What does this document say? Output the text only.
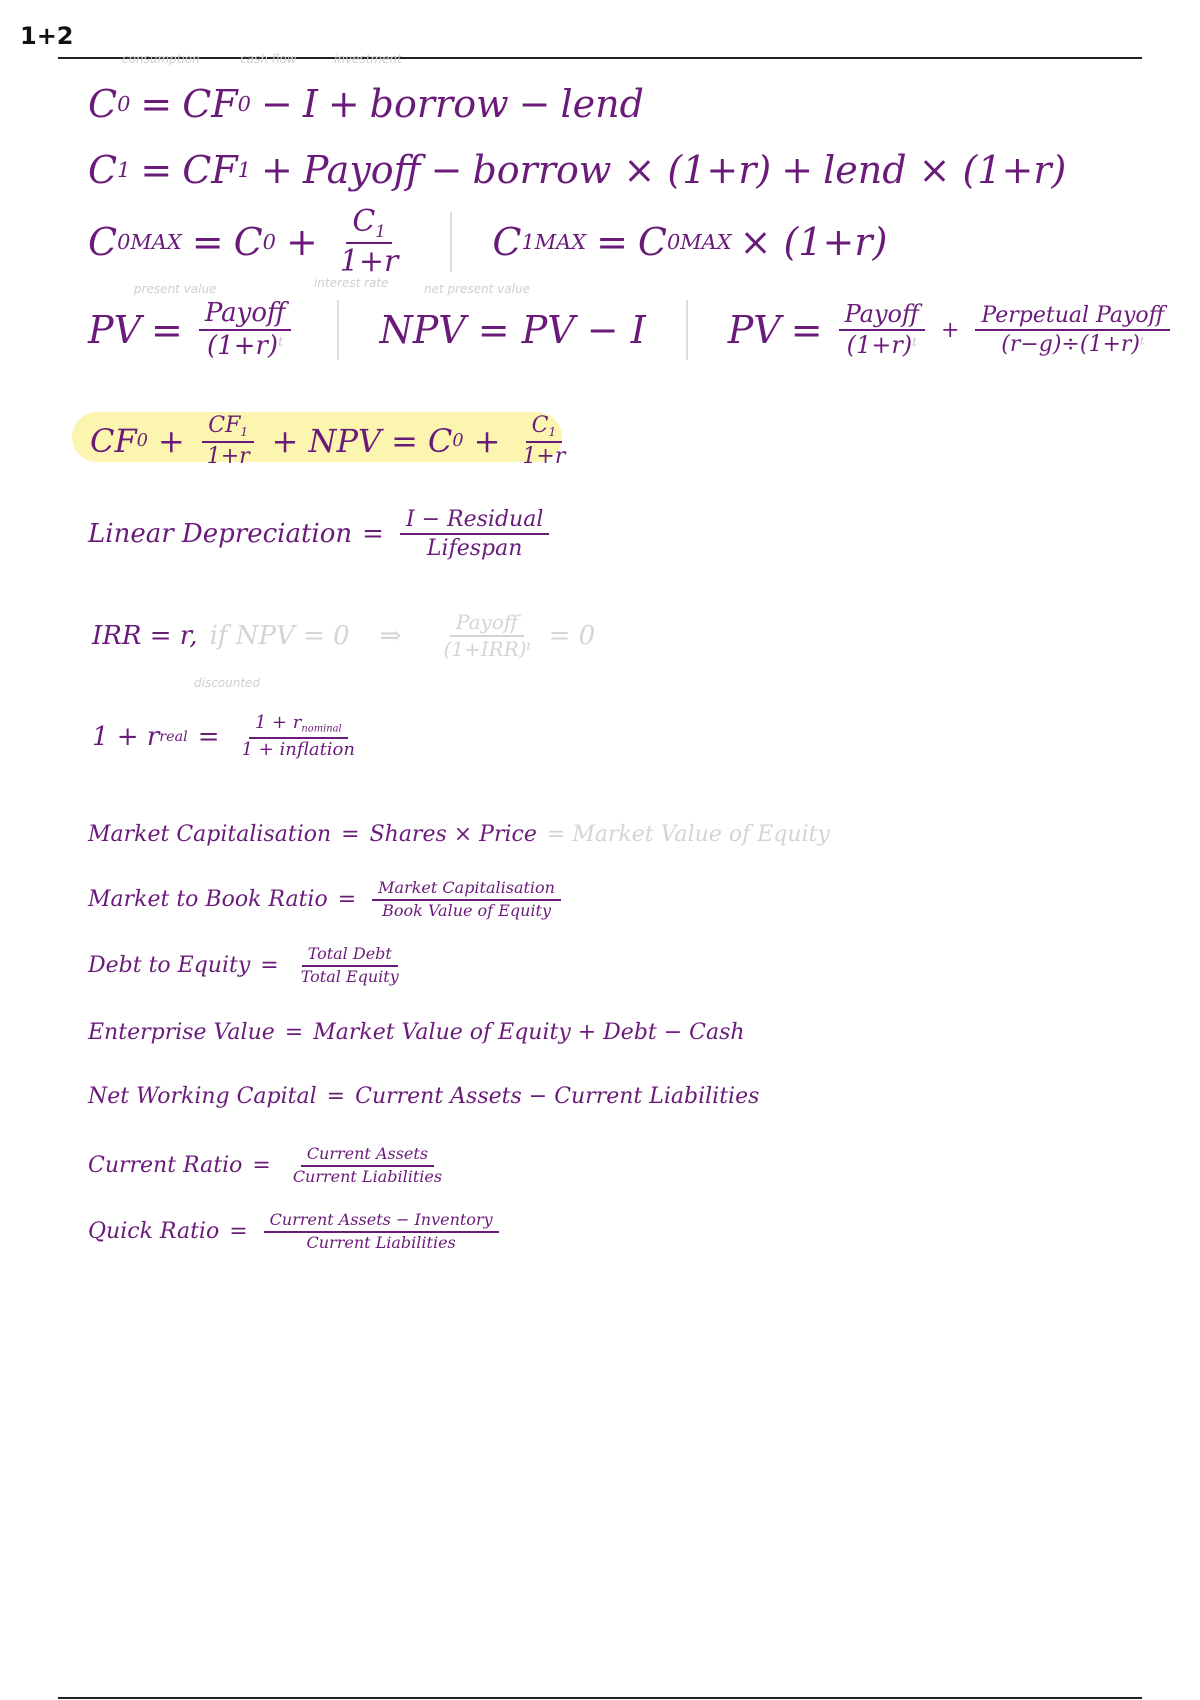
1+2
consumption	cash flow	investment
present value	interest rate	net present value
discounted
C 0 = CF 0 − I + borrow − lend
C 1 = CF 1 + Payoff − borrow × (1+r) + lend × (1+r)
C 0MAX = C $0 + \frac{C_1}{1+r}$ C 1MAX = C 0MAX × (1+r)
PV = $\frac{\text{Payoff}}{(1+r)^t}$ NPV = PV − I PV = $\frac{\text{Payoff}}{(1+r)^t} + \frac{\text{Perpetual Payoff}}{(r-g)\div(1+r)^t}$
CF $0 + \frac{CF_1}{1+r}$ + NPV = C $0 + \frac{C_1}{1+r}$
Linear Depreciation = $\frac{\text{I − Residual}}{\text{Lifespan}}$
IRR = r, if NPV = 0 ⇒ $\frac{\text{Payoff}}{(1+IRR)^t} = 0$
1 + r real = $\frac{1 + r_{nominal}}{\text{1 + inflation}}$
Market Capitalisation = Shares × Price = Market Value of Equity
Market to Book Ratio = $\frac{\text{Market Capitalisation}}{\text{Book Value of Equity}}$
Debt to Equity = $\frac{\text{Total Debt}}{\text{Total Equity}}$
Enterprise Value = Market Value of Equity + Debt − Cash
Net Working Capital = Current Assets − Current Liabilities
Current Ratio = $\frac{\text{Current Assets}}{\text{Current Liabilities}}$
Quick Ratio = $\frac{\text{Current Assets − Inventory}}{\text{Current Liabilities}}$
